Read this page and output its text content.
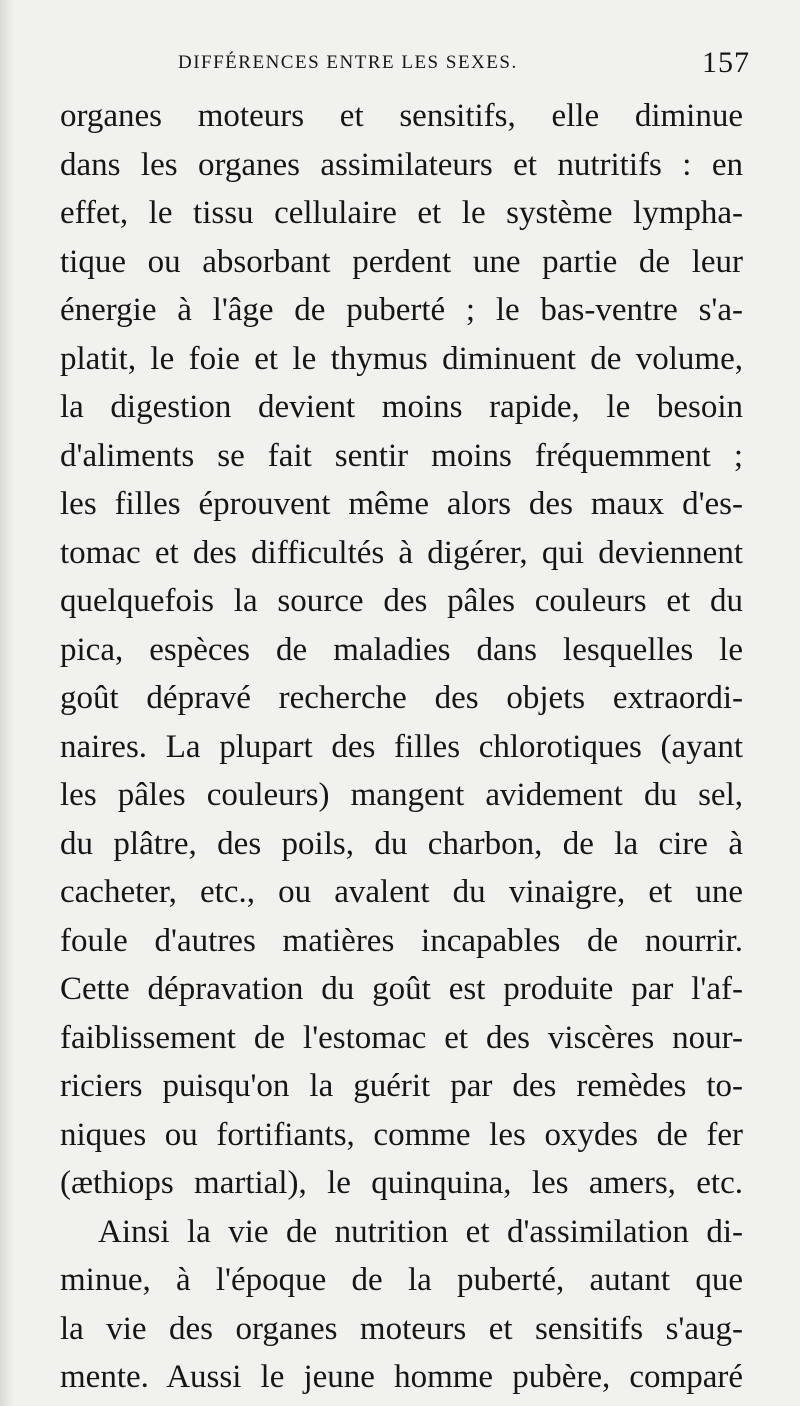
DIFFÉRENCES ENTRE LES SEXES.	157
organes moteurs et sensitifs, elle diminue
dans les organes assimilateurs et nutritifs : en
effet, le tissu cellulaire et le système lympha-
tique ou absorbant perdent une partie de leur
énergie à l'âge de puberté ; le bas-ventre s'a-
platit, le foie et le thymus diminuent de volume,
la digestion devient moins rapide, le besoin
d'aliments se fait sentir moins fréquemment ;
les filles éprouvent même alors des maux d'es-
tomac et des difficultés à digérer, qui deviennent
quelquefois la source des pâles couleurs et du
pica, espèces de maladies dans lesquelles le
goût dépravé recherche des objets extraordi-
naires. La plupart des filles chlorotiques (ayant
les pâles couleurs) mangent avidement du sel,
du plâtre, des poils, du charbon, de la cire à
cacheter, etc., ou avalent du vinaigre, et une
foule d'autres matières incapables de nourrir.
Cette dépravation du goût est produite par l'af-
faiblissement de l'estomac et des viscères nour-
riciers puisqu'on la guérit par des remèdes to-
niques ou fortifiants, comme les oxydes de fer
(æthiops martial), le quinquina, les amers, etc.
Ainsi la vie de nutrition et d'assimilation di-
minue, à l'époque de la puberté, autant que
la vie des organes moteurs et sensitifs s'aug-
mente. Aussi le jeune homme pubère, comparé
